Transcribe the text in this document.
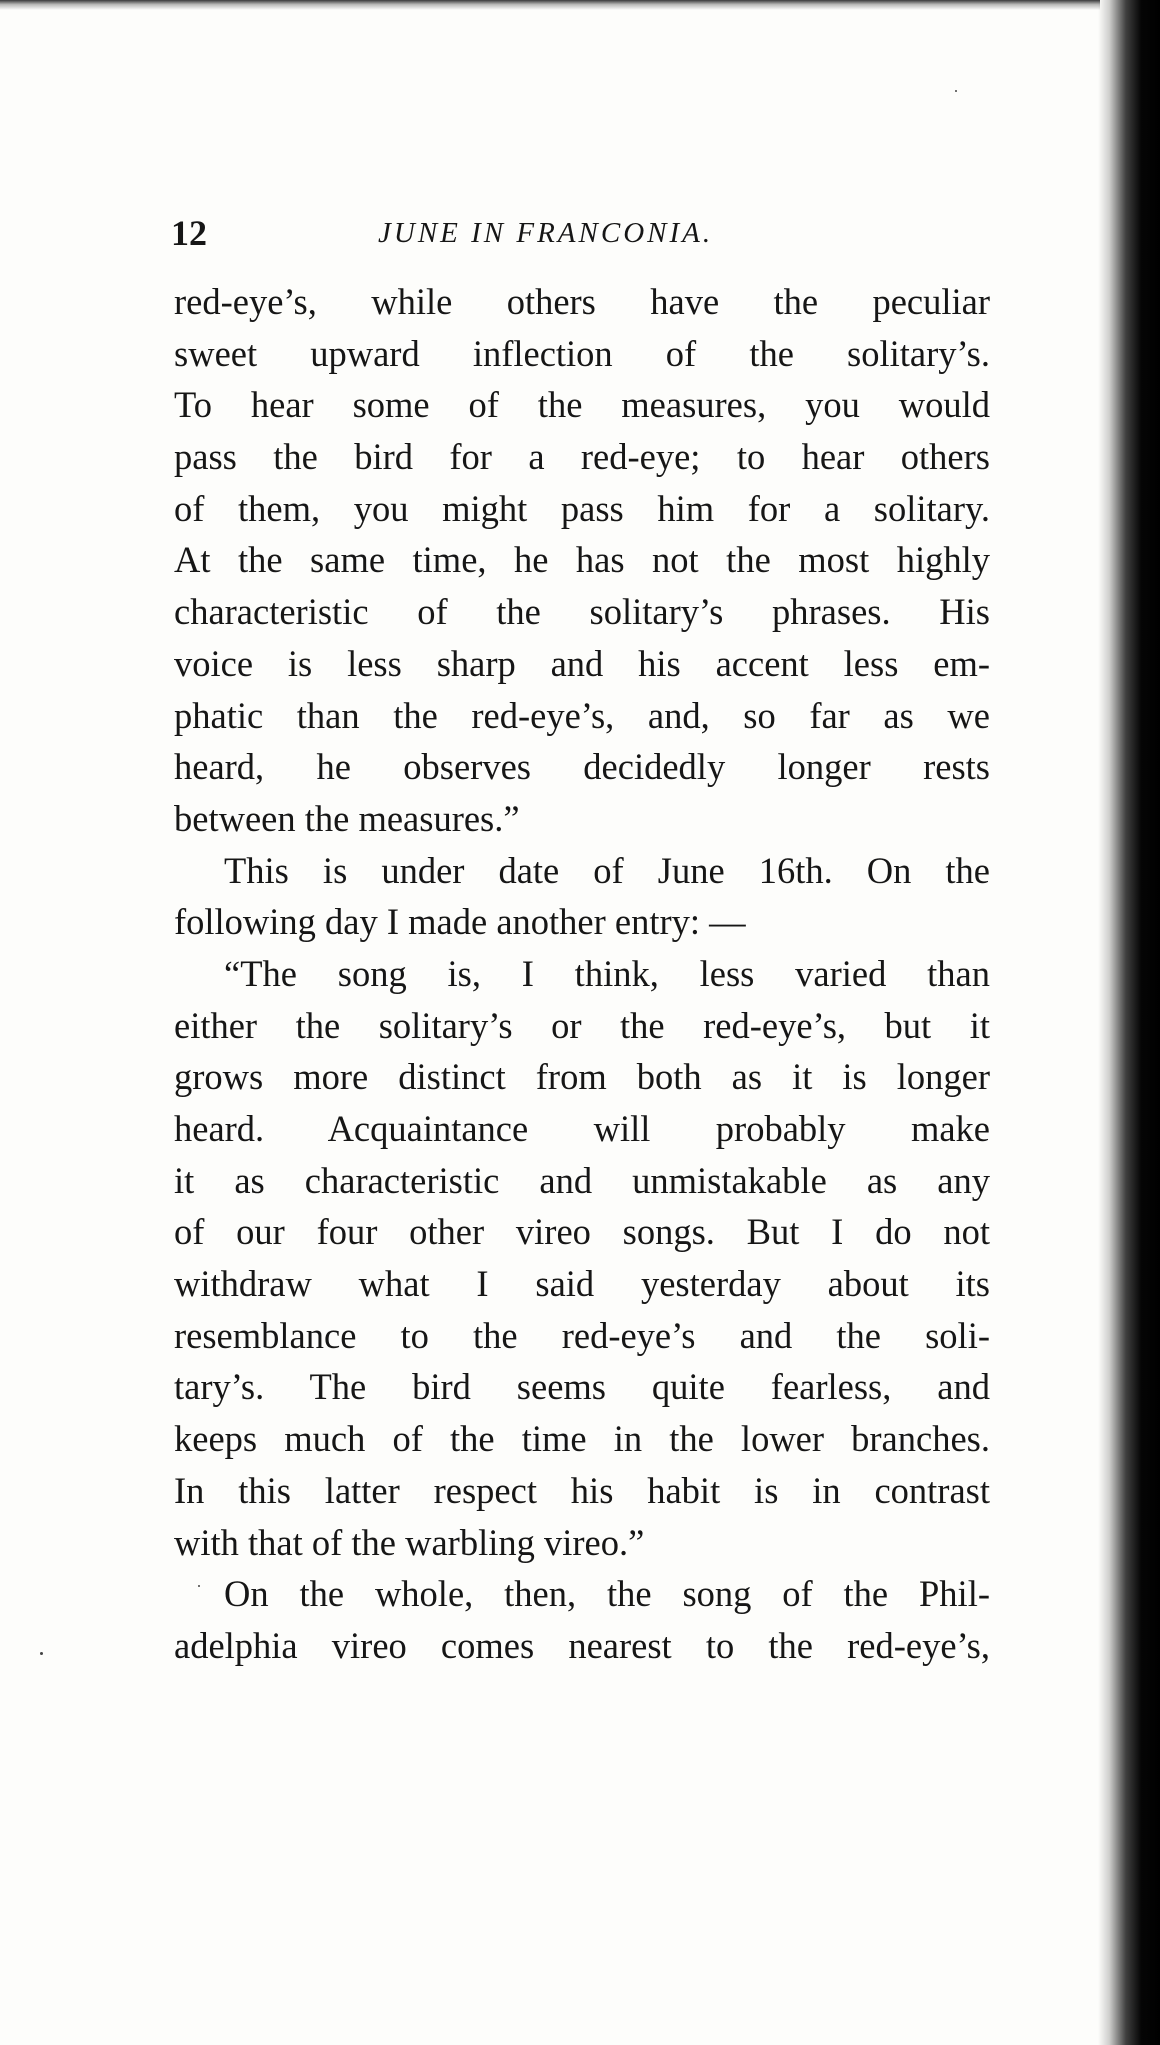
12	JUNE IN FRANCONIA.
red-eye’s, while others have the peculiar
sweet upward inflection of the solitary’s.
To hear some of the measures, you would
pass the bird for a red-eye; to hear others
of them, you might pass him for a solitary.
At the same time, he has not the most highly
characteristic of the solitary’s phrases. His
voice is less sharp and his accent less em-
phatic than the red-eye’s, and, so far as we
heard, he observes decidedly longer rests
between the measures.”
This is under date of June 16th. On the
following day I made another entry: —
“The song is, I think, less varied than
either the solitary’s or the red-eye’s, but it
grows more distinct from both as it is longer
heard. Acquaintance will probably make
it as characteristic and unmistakable as any
of our four other vireo songs. But I do not
withdraw what I said yesterday about its
resemblance to the red-eye’s and the soli-
tary’s. The bird seems quite fearless, and
keeps much of the time in the lower branches.
In this latter respect his habit is in contrast
with that of the warbling vireo.”
On the whole, then, the song of the Phil-
adelphia vireo comes nearest to the red-eye’s,
